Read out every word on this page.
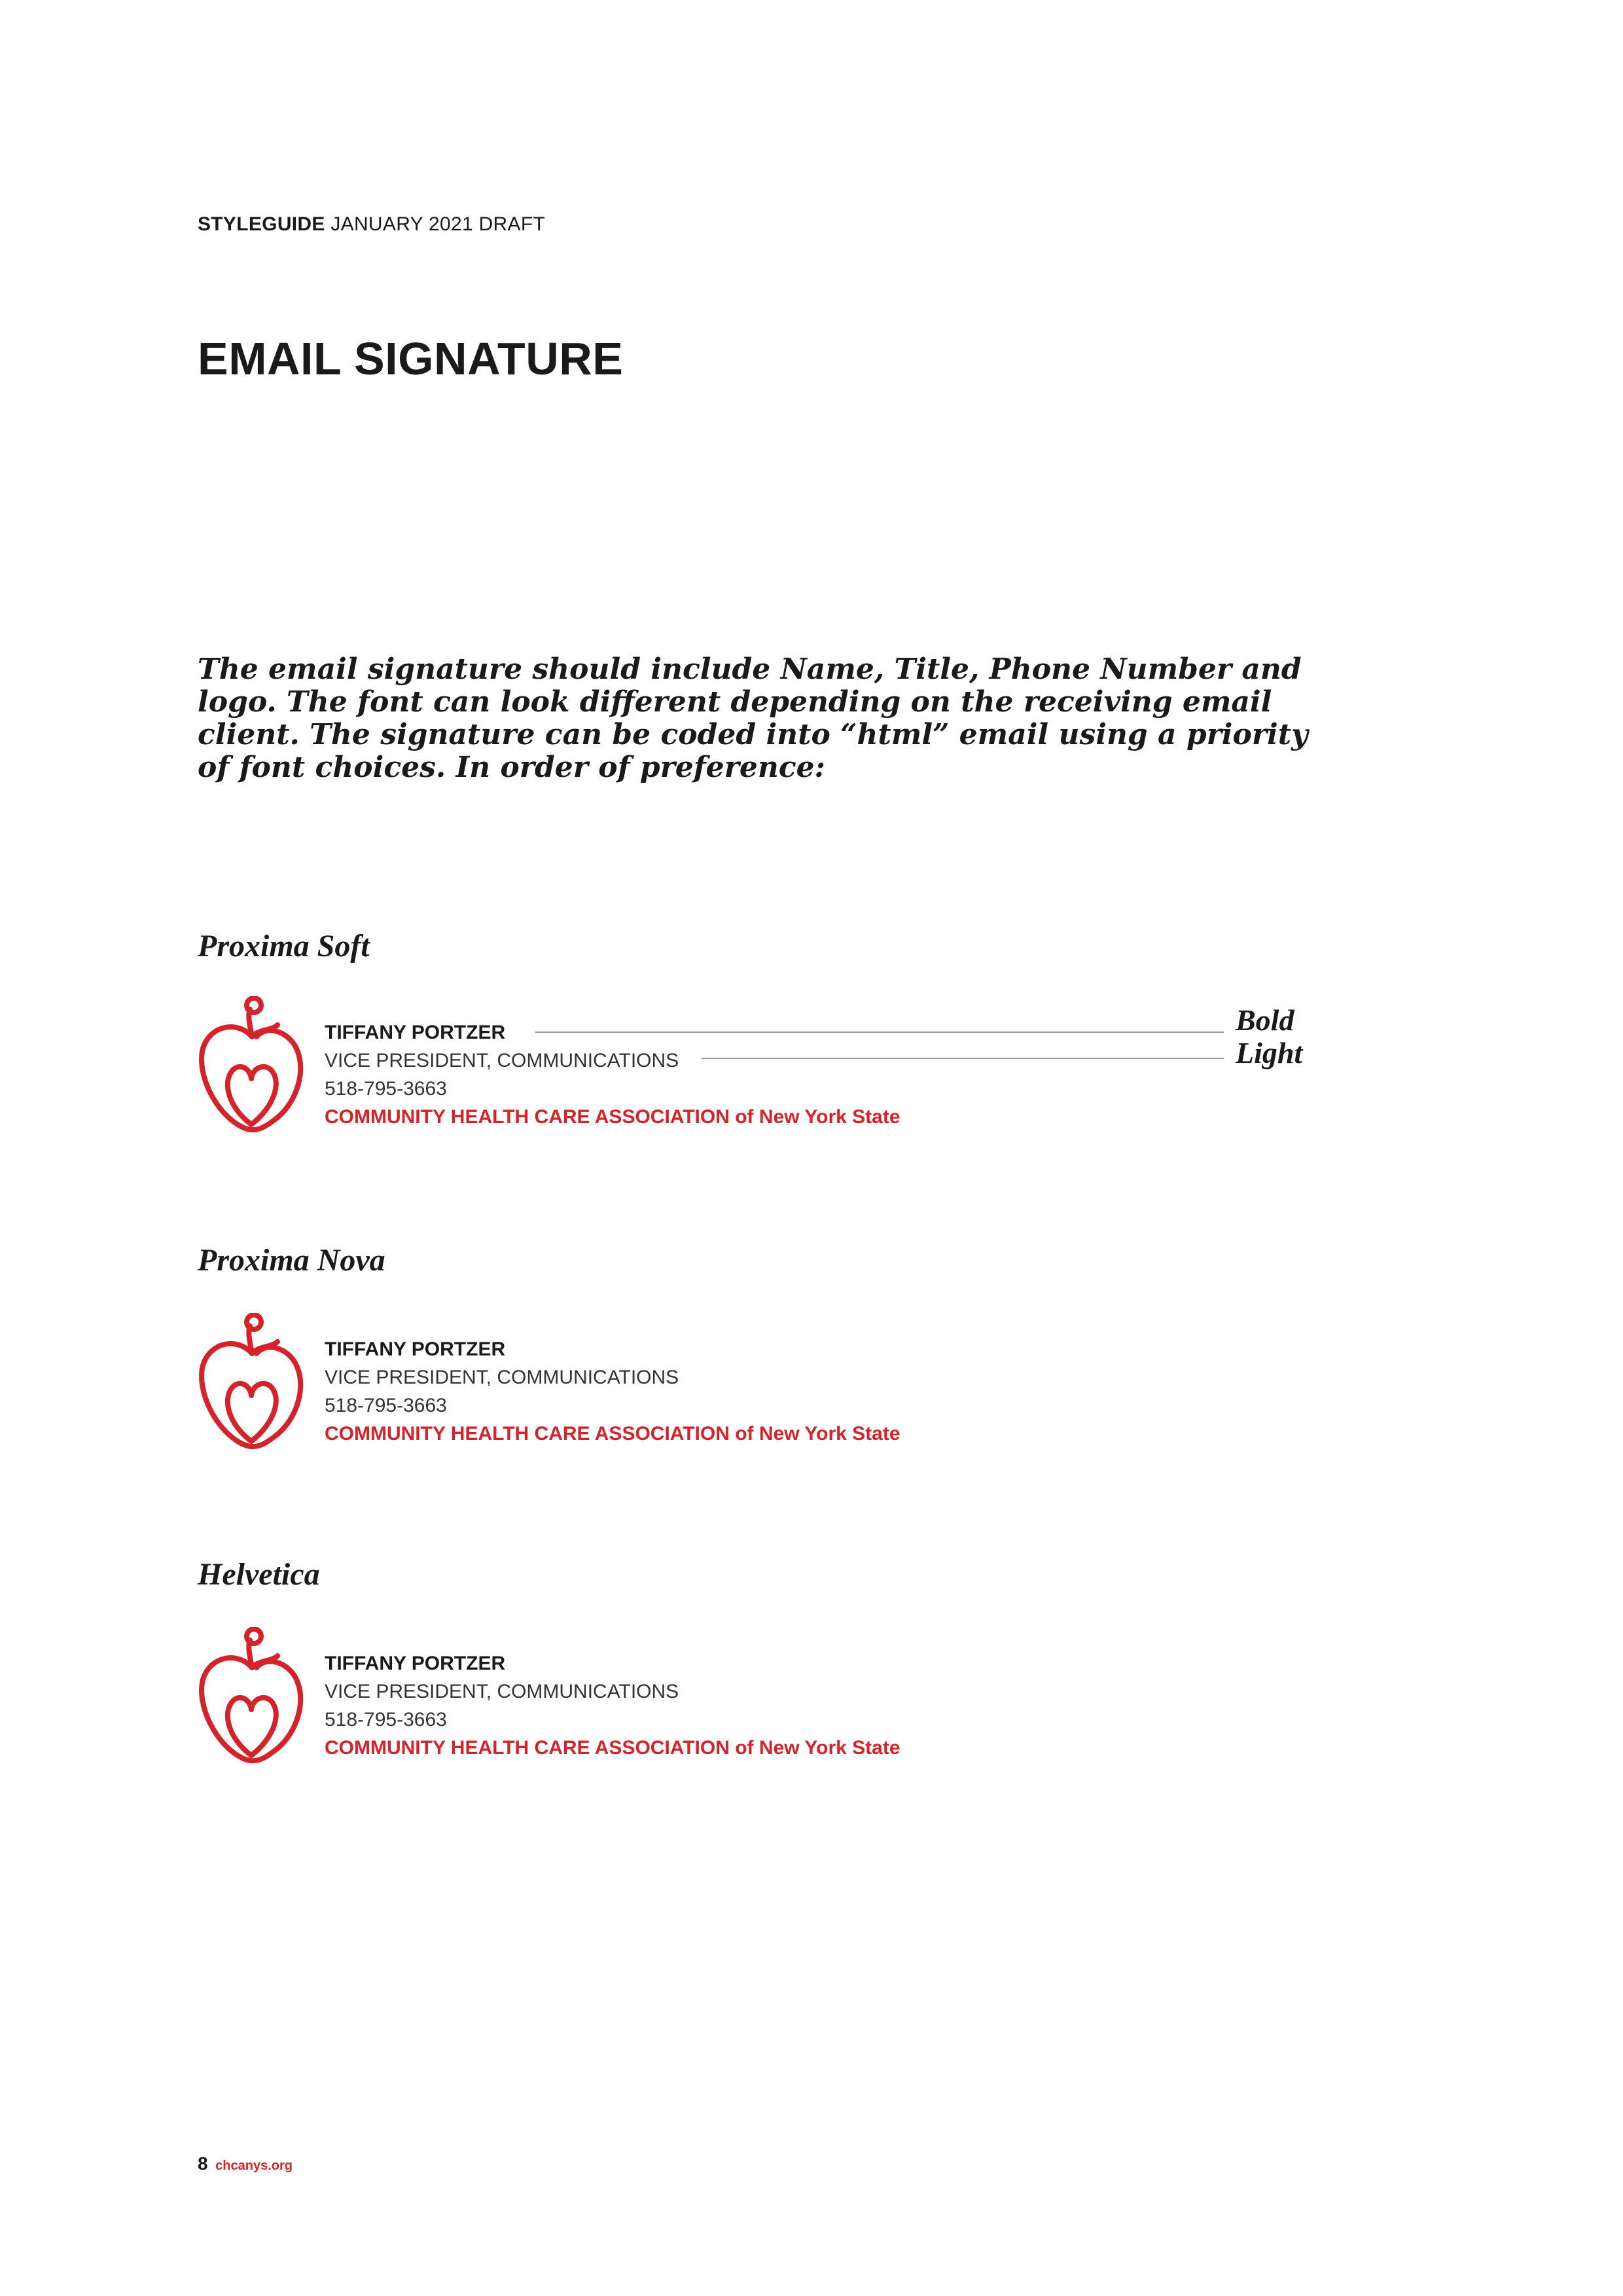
STYLEGUIDE JANUARY 2021 DRAFT
EMAIL SIGNATURE

The email signature should include Name, Title, Phone Number and logo. The font can look different depending on the receiving email client. The signature can be coded into “html” email using a priority of font choices. In order of preference:

Proxima Soft

TIFFANY PORTZER
VICE PRESIDENT, COMMUNICATIONS
518-795-3663
COMMUNITY HEALTH CARE ASSOCIATION of New York State

Bold

Light

Proxima Nova

TIFFANY PORTZER
VICE PRESIDENT, COMMUNICATIONS
518-795-3663
COMMUNITY HEALTH CARE ASSOCIATION of New York State

Helvetica

TIFFANY PORTZER
VICE PRESIDENT, COMMUNICATIONS
518-795-3663
COMMUNITY HEALTH CARE ASSOCIATION of New York State
8 chcanys.org
